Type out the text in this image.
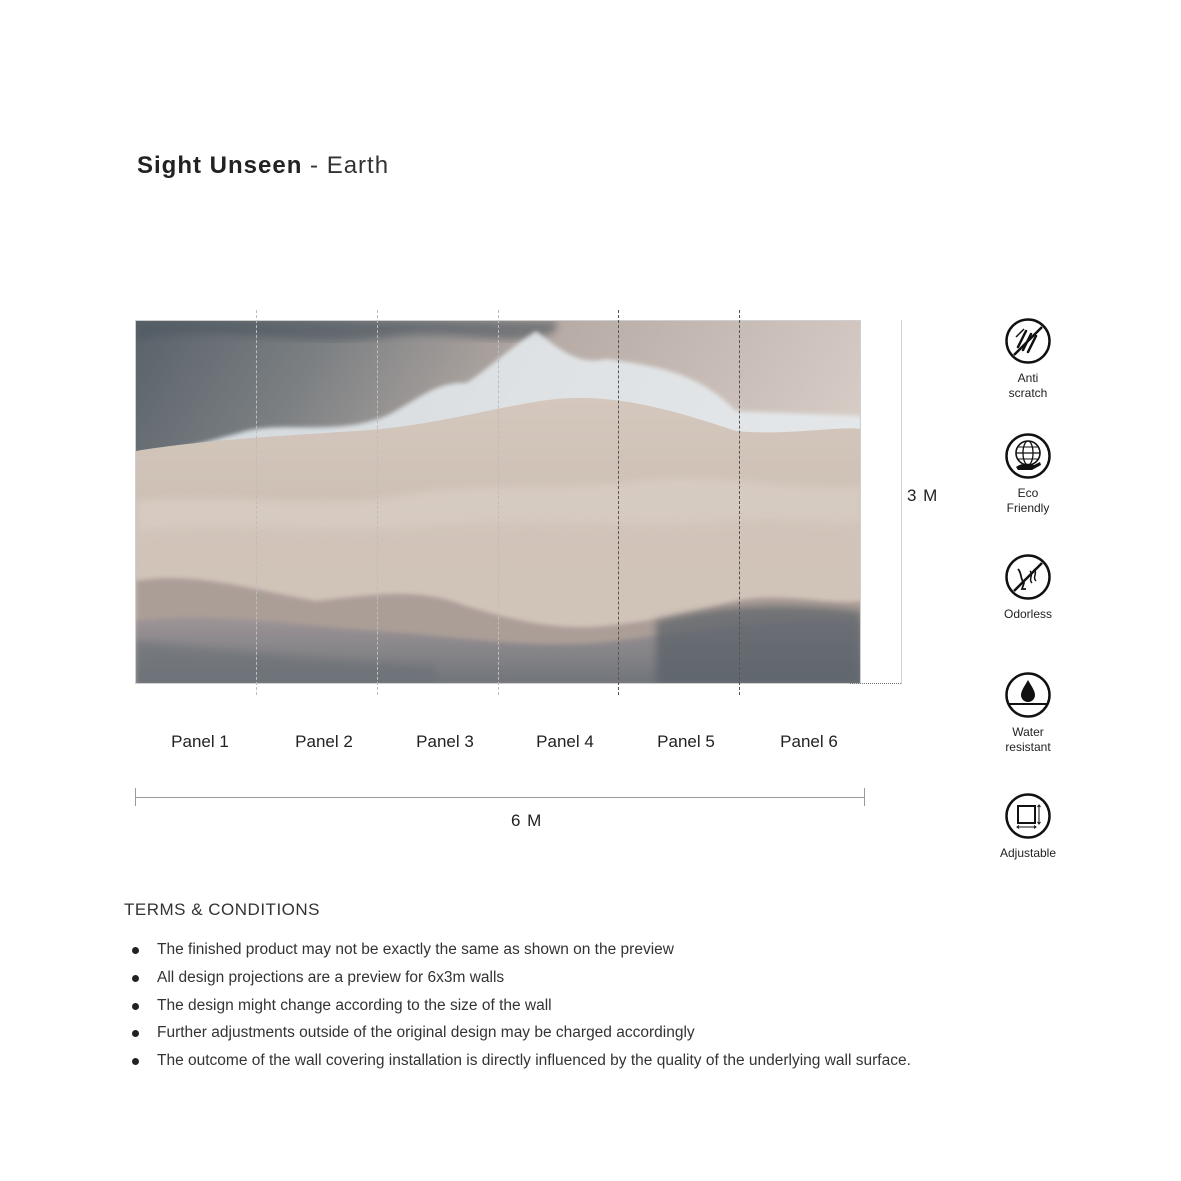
Sight Unseen - Earth
3 M
Panel 1	Panel 2	Panel 3	Panel 4	Panel 5	Panel 6
6 M
Anti
scratch
Eco
Friendly
Odorless
Water
resistant
Adjustable
TERMS & CONDITIONS
The finished product may not be exactly the same as shown on the preview
All design projections are a preview for 6x3m walls
The design might change according to the size of the wall
Further adjustments outside of the original design may be charged accordingly
The outcome of the wall covering installation is directly influenced by the quality of the underlying wall surface.
